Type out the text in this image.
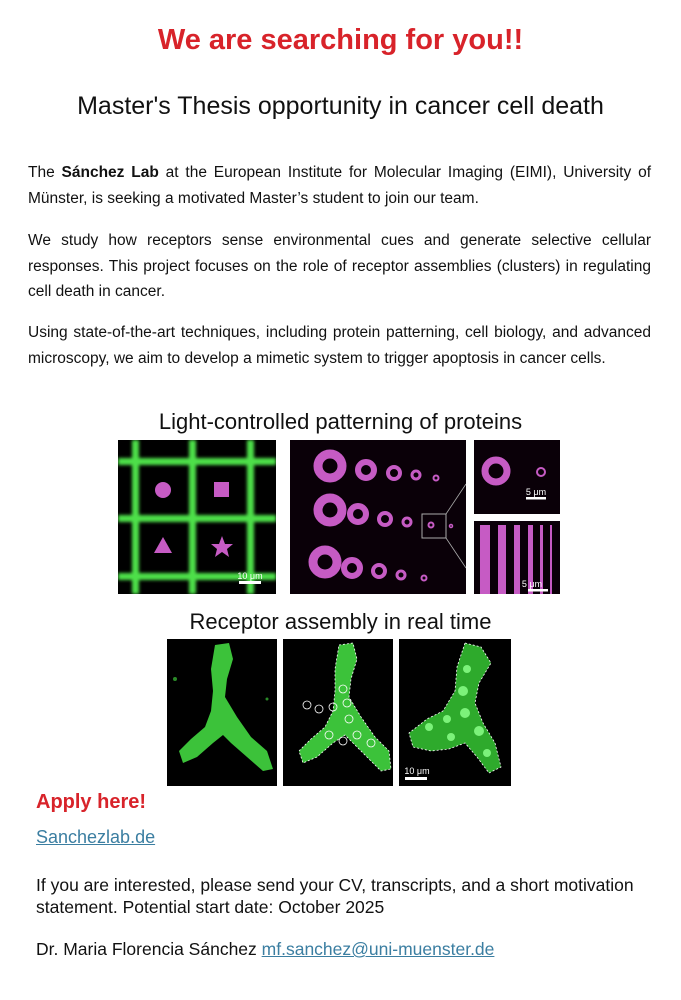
We are searching for you!!
Master's Thesis opportunity in cancer cell death
The Sánchez Lab at the European Institute for Molecular Imaging (EIMI), University of Münster, is seeking a motivated Master’s student to join our team.
We study how receptors sense environmental cues and generate selective cellular responses. This project focuses on the role of receptor assemblies (clusters) in regulating cell death in cancer.
Using state-of-the-art techniques, including protein patterning, cell biology, and advanced microscopy, we aim to develop a mimetic system to trigger apoptosis in cancer cells.
Light-controlled patterning of proteins
10 μm
5 μm
5 μm
Receptor assembly in real time
10 μm
Apply here!
Sanchezlab.de
If you are interested, please send your CV, transcripts, and a short motivation statement. Potential start date: October 2025
Dr. Maria Florencia Sánchez mf.sanchez@uni-muenster.de
